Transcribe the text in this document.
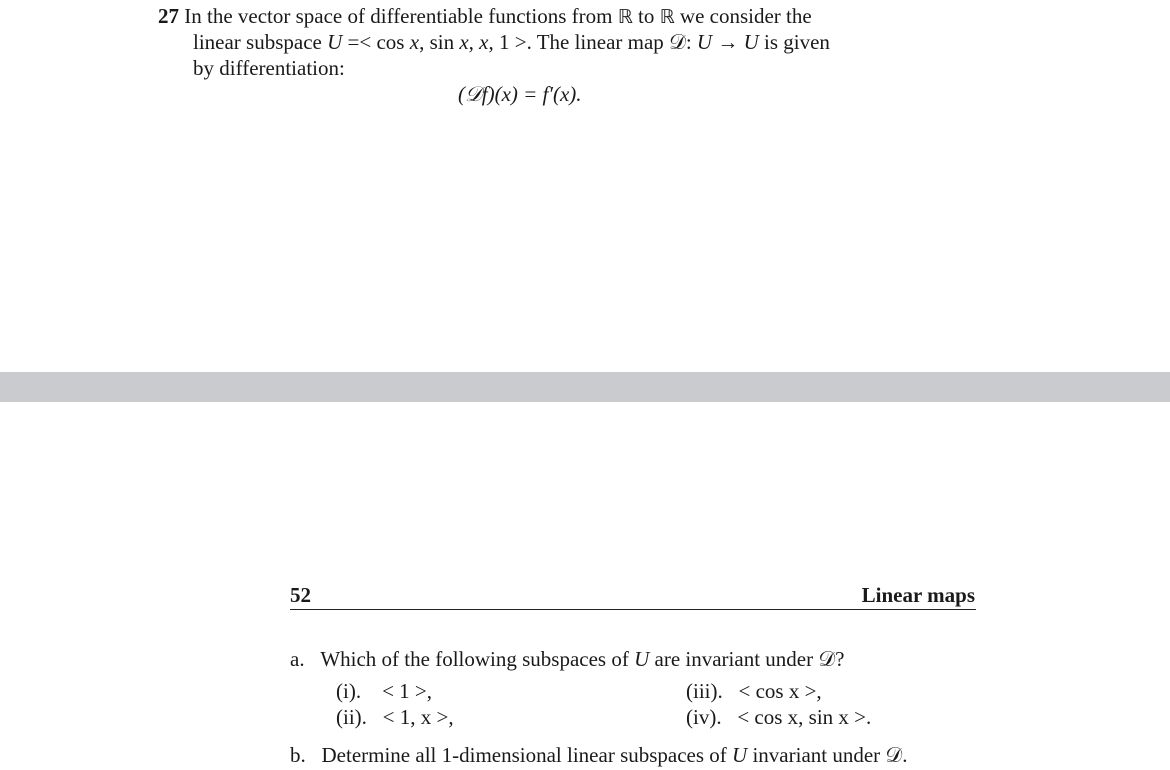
27 In the vector space of differentiable functions from ℝ to ℝ we consider the
linear subspace U =< cos x, sin x, x, 1 >. The linear map 𝒟: U → U is given
by differentiation:
(𝒟f)(x) = f′(x).
52	Linear maps
a. Which of the following subspaces of U are invariant under 𝒟?
(i). < 1 >,
(ii). < 1, x >,
(iii). < cos x >,
(iv). < cos x, sin x >.
b. Determine all 1-dimensional linear subspaces of U invariant under 𝒟.
